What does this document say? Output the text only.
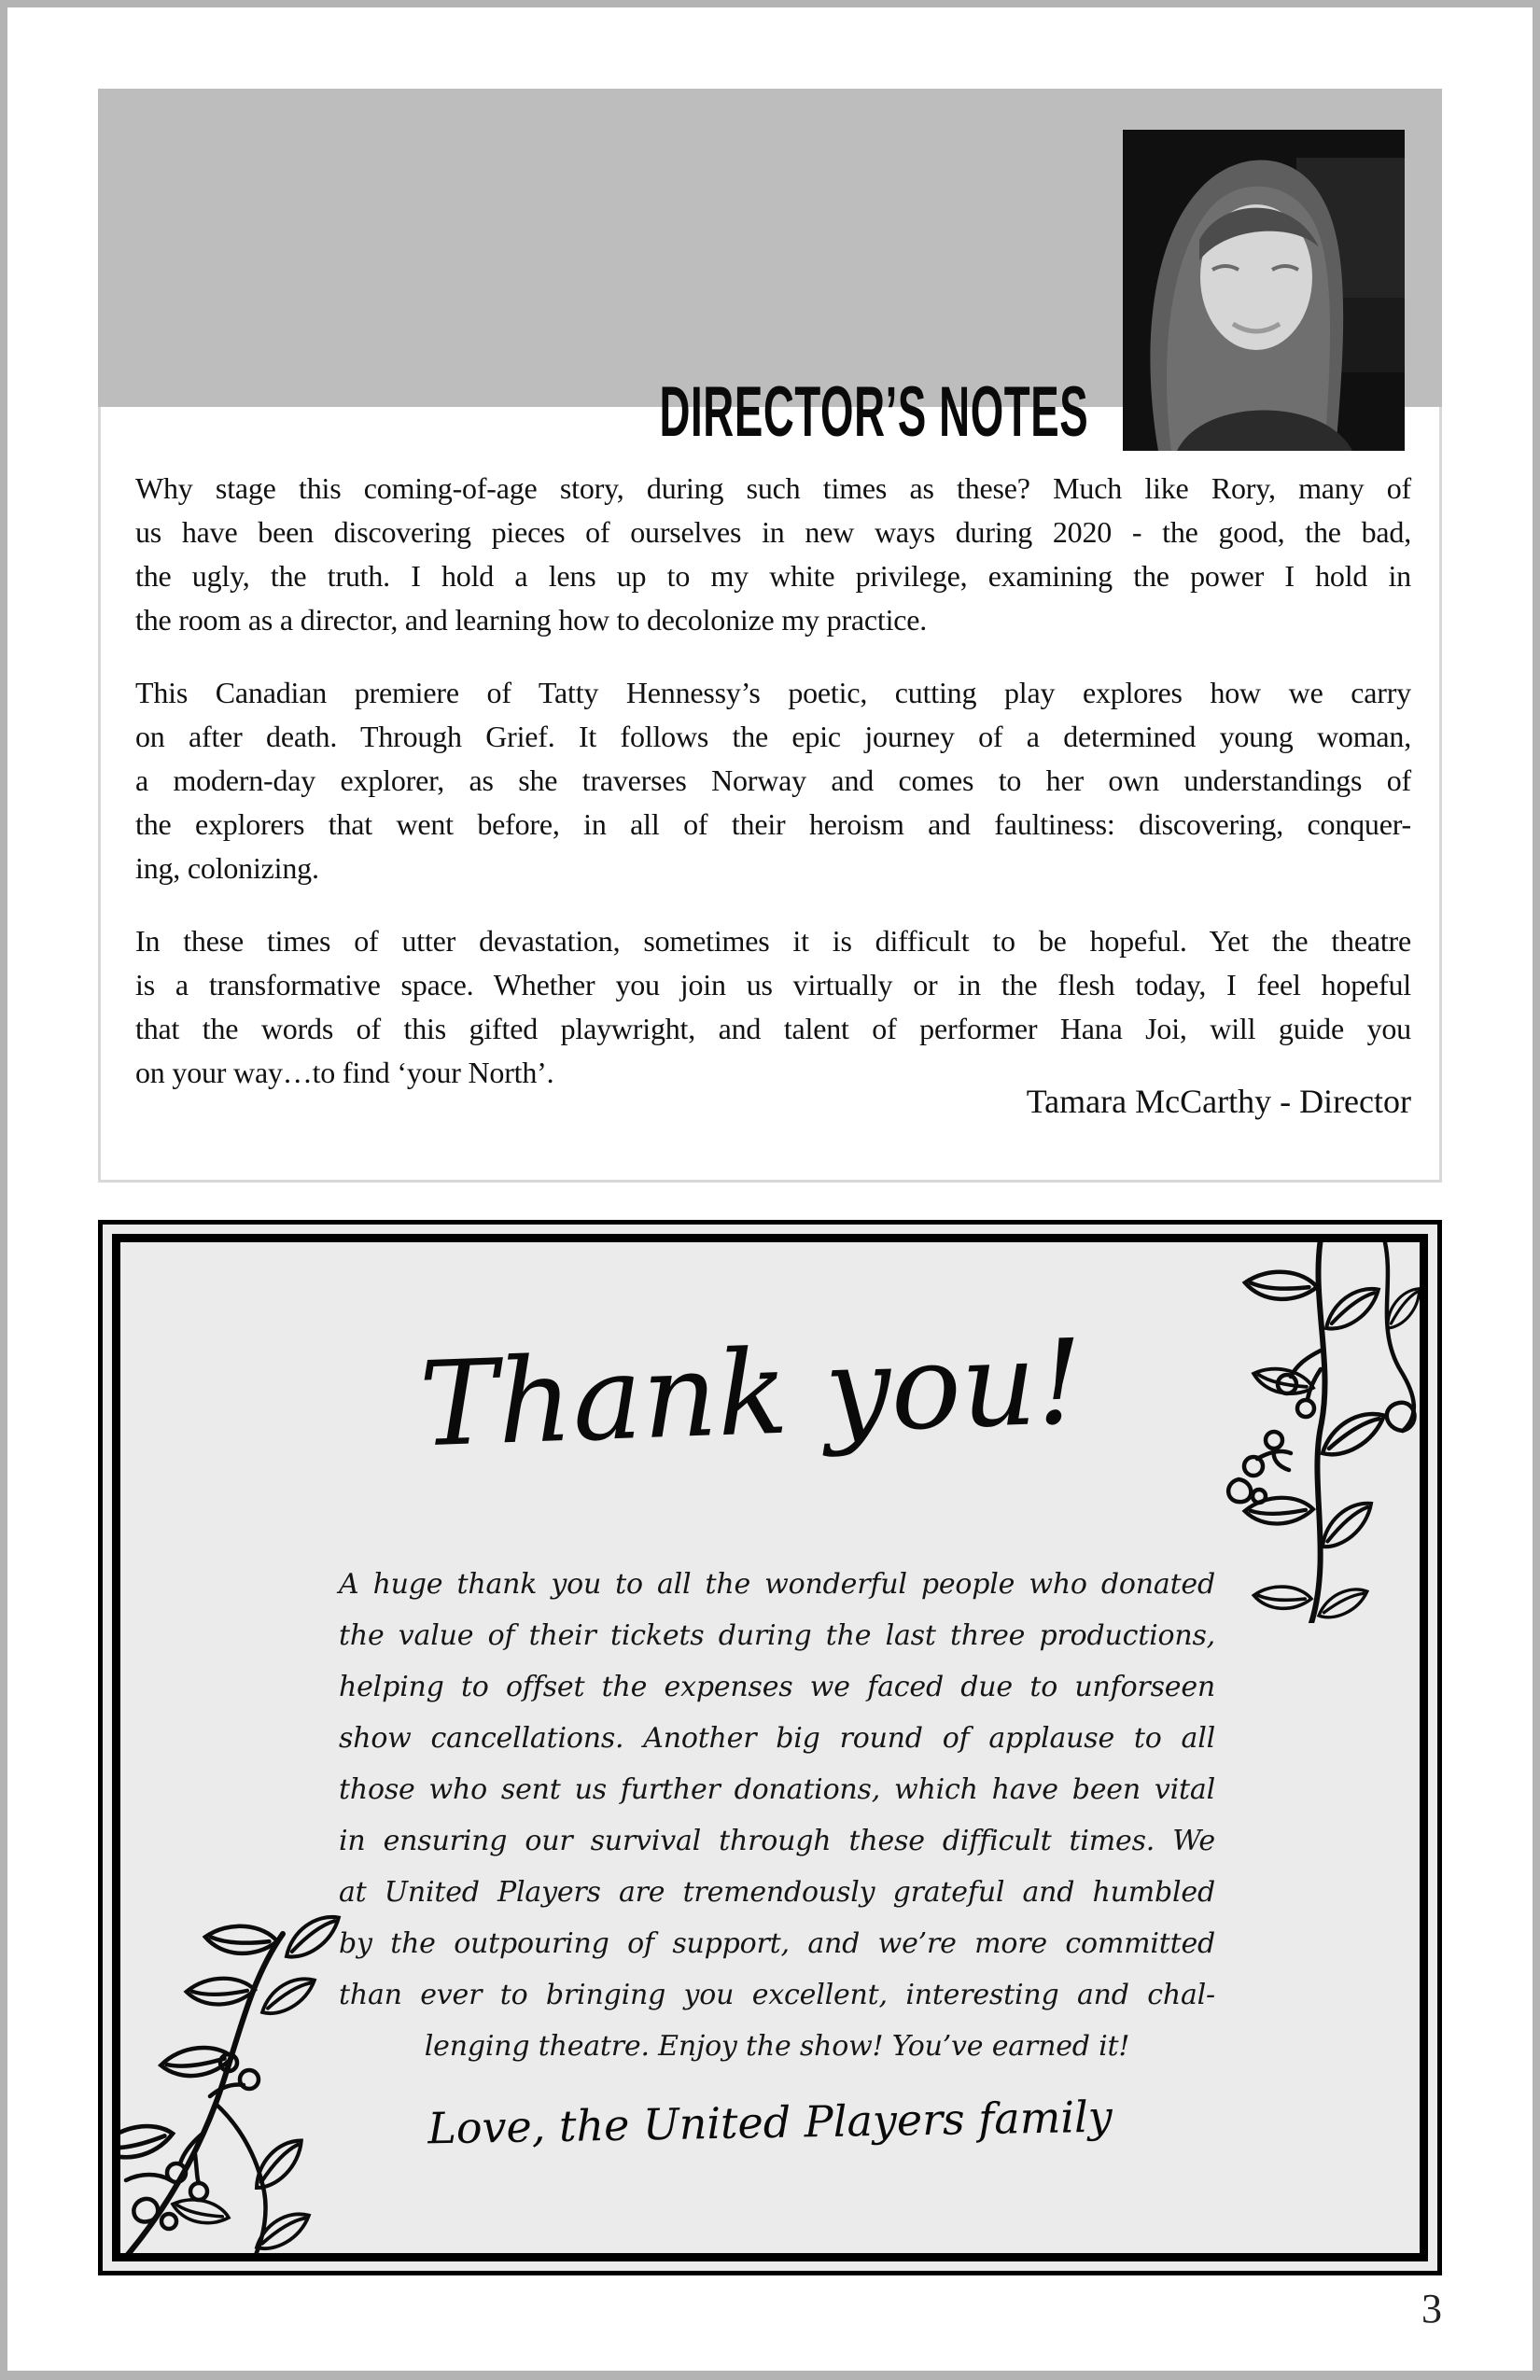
DIRECTOR’S NOTES
Why stage this coming-of-age story, during such times as these? Much like Rory, many of
us have been discovering pieces of ourselves in new ways during 2020 - the good, the bad,
the ugly, the truth. I hold a lens up to my white privilege, examining the power I hold in
the room as a director, and learning how to decolonize my practice.
This Canadian premiere of Tatty Hennessy’s poetic, cutting play explores how we carry
on after death. Through Grief. It follows the epic journey of a determined young woman,
a modern-day explorer, as she traverses Norway and comes to her own understandings of
the explorers that went before, in all of their heroism and faultiness: discovering, conquer-
ing, colonizing.
In these times of utter devastation, sometimes it is difficult to be hopeful. Yet the theatre
is a transformative space. Whether you join us virtually or in the flesh today, I feel hopeful
that the words of this gifted playwright, and talent of performer Hana Joi, will guide you
on your way…to find ‘your North’.
Tamara McCarthy - Director
Thank you!
A huge thank you to all the wonderful people who donated
the value of their tickets during the last three productions,
helping to offset the expenses we faced due to unforseen
show cancellations. Another big round of applause to all
those who sent us further donations, which have been vital
in ensuring our survival through these difficult times. We
at United Players are tremendously grateful and humbled
by the outpouring of support, and we’re more committed
than ever to bringing you excellent, interesting and chal-
lenging theatre. Enjoy the show! You’ve earned it!
Love, the United Players family
3
